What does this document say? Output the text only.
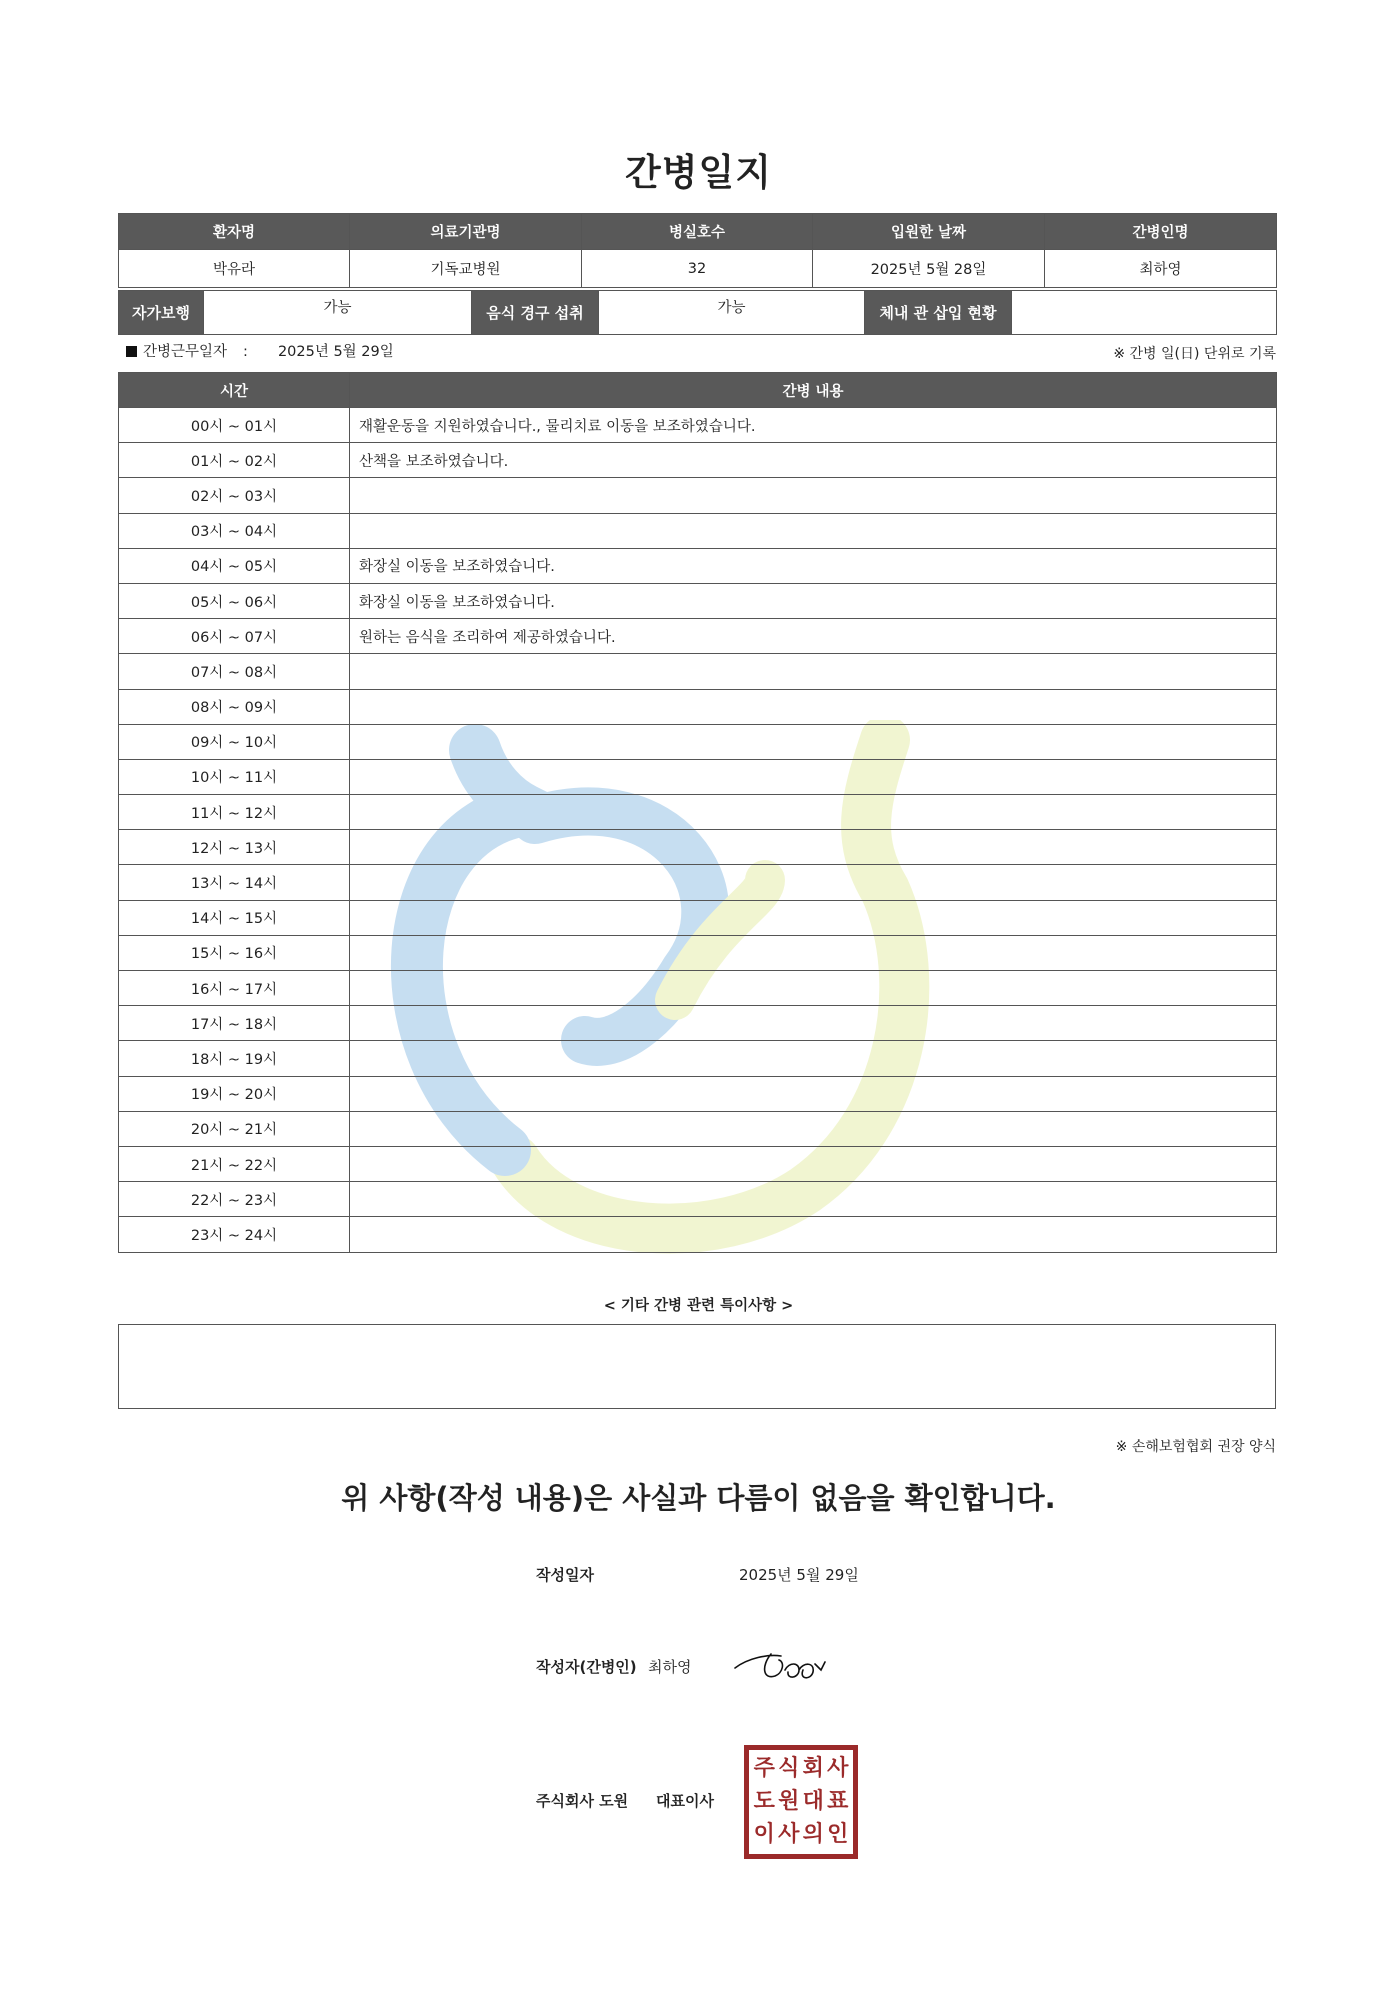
간병일지
환자명	의료기관명	병실호수	입원한 날짜	간병인명
박유라	기독교병원	32	2025년 5월 28일	최하영
자가보행	가능	음식 경구 섭취	가능	체내 관 삽입 현황	
간병근무일자 : 2025년 5월 29일	※ 간병 일(日) 단위로 기록
시간	간병 내용
00시 ~ 01시	재활운동을 지원하였습니다., 물리치료 이동을 보조하였습니다.
01시 ~ 02시	산책을 보조하였습니다.
02시 ~ 03시	
03시 ~ 04시	
04시 ~ 05시	화장실 이동을 보조하였습니다.
05시 ~ 06시	화장실 이동을 보조하였습니다.
06시 ~ 07시	원하는 음식을 조리하여 제공하였습니다.
07시 ~ 08시	
08시 ~ 09시	
09시 ~ 10시	
10시 ~ 11시	
11시 ~ 12시	
12시 ~ 13시	
13시 ~ 14시	
14시 ~ 15시	
15시 ~ 16시	
16시 ~ 17시	
17시 ~ 18시	
18시 ~ 19시	
19시 ~ 20시	
20시 ~ 21시	
21시 ~ 22시	
22시 ~ 23시	
23시 ~ 24시	
< 기타 간병 관련 특이사항 >
※ 손해보험협회 권장 양식
위 사항(작성 내용)은 사실과 다름이 없음을 확인합니다.
작성일자	2025년 5월 29일
작성자(간병인) 최하영
주식회사 도원 대표이사
주 식 회 사
도 원 대 표
이 사 의 인
